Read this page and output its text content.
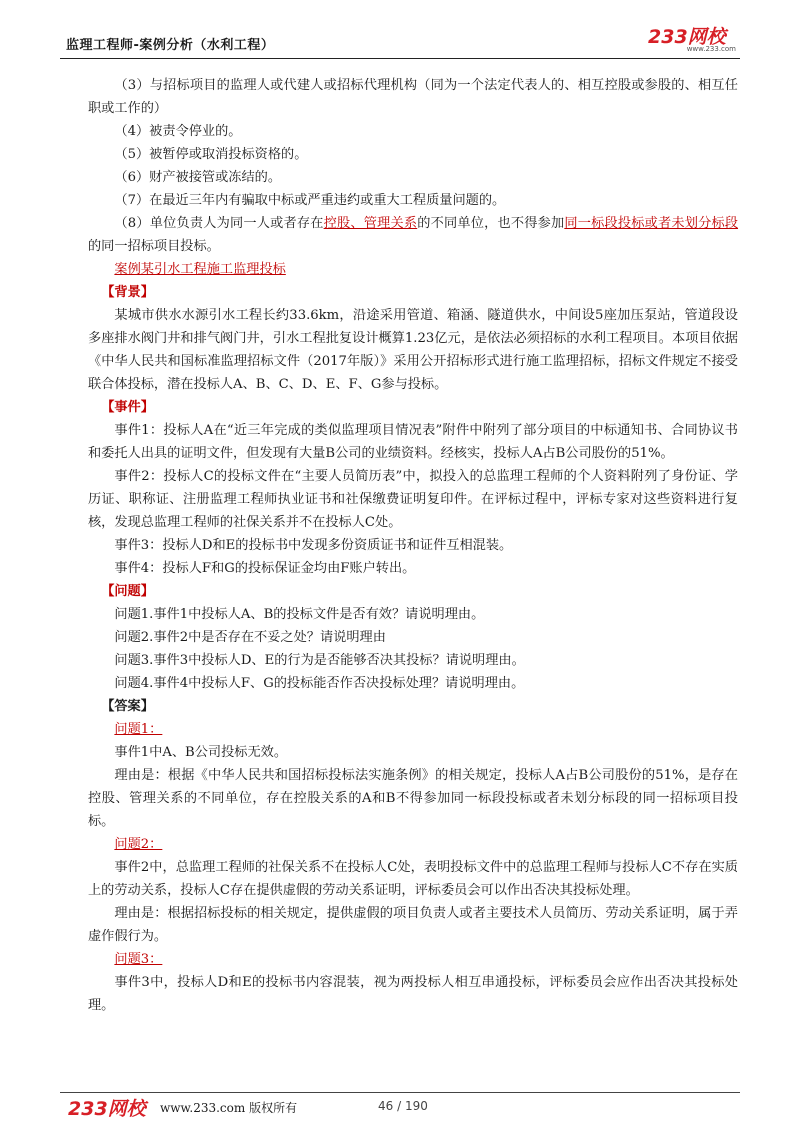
监理工程师-案例分析（水利工程）	233网校
www.233.com

（3）与招标项目的监理人或代建人或招标代理机构（同为一个法定代表人的、相互控股或参股的、相互任职或工作的）

（4）被责令停业的。

（5）被暂停或取消投标资格的。

（6）财产被接管或冻结的。

（7）在最近三年内有骗取中标或严重违约或重大工程质量问题的。

（8）单位负责人为同一人或者存在控股、管理关系的不同单位，也不得参加同一标段投标或者未划分标段的同一招标项目投标。

案例某引水工程施工监理投标

【背景】

某城市供水水源引水工程长约33.6km，沿途采用管道、箱涵、隧道供水，中间设5座加压泵站，管道段设多座排水阀门井和排气阀门井，引水工程批复设计概算1.23亿元，是依法必须招标的水利工程项目。本项目依据《中华人民共和国标准监理招标文件（2017年版）》采用公开招标形式进行施工监理招标，招标文件规定不接受联合体投标，潜在投标人A、B、C、D、E、F、G参与投标。

【事件】

事件1：投标人A在“近三年完成的类似监理项目情况表”附件中附列了部分项目的中标通知书、合同协议书和委托人出具的证明文件，但发现有大量B公司的业绩资料。经核实，投标人A占B公司股份的51%。

事件2：投标人C的投标文件在“主要人员简历表”中，拟投入的总监理工程师的个人资料附列了身份证、学历证、职称证、注册监理工程师执业证书和社保缴费证明复印件。在评标过程中，评标专家对这些资料进行复核，发现总监理工程师的社保关系并不在投标人C处。

事件3：投标人D和E的投标书中发现多份资质证书和证件互相混装。

事件4：投标人F和G的投标保证金均由F账户转出。

【问题】

问题1.事件1中投标人A、B的投标文件是否有效？请说明理由。

问题2.事件2中是否存在不妥之处？请说明理由

问题3.事件3中投标人D、E的行为是否能够否决其投标？请说明理由。

问题4.事件4中投标人F、G的投标能否作否决投标处理？请说明理由。

【答案】

问题1：

事件1中A、B公司投标无效。

理由是：根据《中华人民共和国招标投标法实施条例》的相关规定，投标人A占B公司股份的51%，是存在控股、管理关系的不同单位，存在控股关系的A和B不得参加同一标段投标或者未划分标段的同一招标项目投标。

问题2：

事件2中，总监理工程师的社保关系不在投标人C处，表明投标文件中的总监理工程师与投标人C不存在实质上的劳动关系，投标人C存在提供虚假的劳动关系证明，评标委员会可以作出否决其投标处理。

理由是：根据招标投标的相关规定，提供虚假的项目负责人或者主要技术人员简历、劳动关系证明，属于弄虚作假行为。

问题3：

事件3中，投标人D和E的投标书内容混装，视为两投标人相互串通投标，评标委员会应作出否决其投标处理。

233网校 www.233.com 版权所有	46 / 190
